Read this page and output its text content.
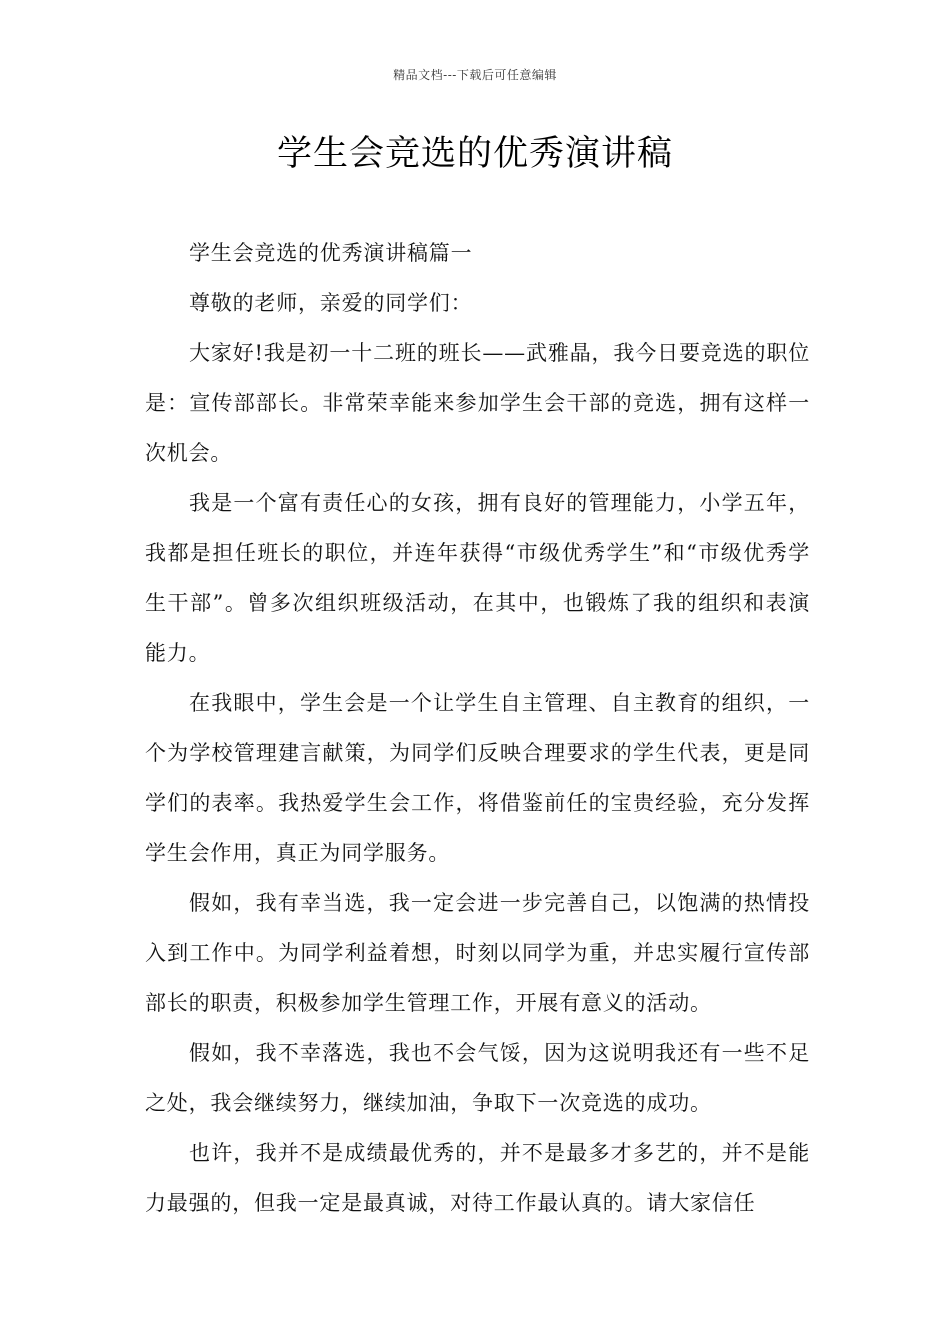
精品文档---下载后可任意编辑
学生会竞选的优秀演讲稿

学生会竞选的优秀演讲稿篇一

尊敬的老师，亲爱的同学们：

大家好!我是初一十二班的班长——武雅晶，我今日要竞选的职位是：宣传部部长。非常荣幸能来参加学生会干部的竞选，拥有这样一次机会。

我是一个富有责任心的女孩，拥有良好的管理能力，小学五年，我都是担任班长的职位，并连年获得“市级优秀学生”和“市级优秀学生干部”。曾多次组织班级活动，在其中，也锻炼了我的组织和表演能力。

在我眼中，学生会是一个让学生自主管理、自主教育的组织，一个为学校管理建言献策，为同学们反映合理要求的学生代表，更是同学们的表率。我热爱学生会工作，将借鉴前任的宝贵经验，充分发挥学生会作用，真正为同学服务。

假如，我有幸当选，我一定会进一步完善自己，以饱满的热情投入到工作中。为同学利益着想，时刻以同学为重，并忠实履行宣传部部长的职责，积极参加学生管理工作，开展有意义的活动。

假如，我不幸落选，我也不会气馁，因为这说明我还有一些不足之处，我会继续努力，继续加油，争取下一次竞选的成功。

也许，我并不是成绩最优秀的，并不是最多才多艺的，并不是能力最强的，但我一定是最真诚，对待工作最认真的。请大家信任
